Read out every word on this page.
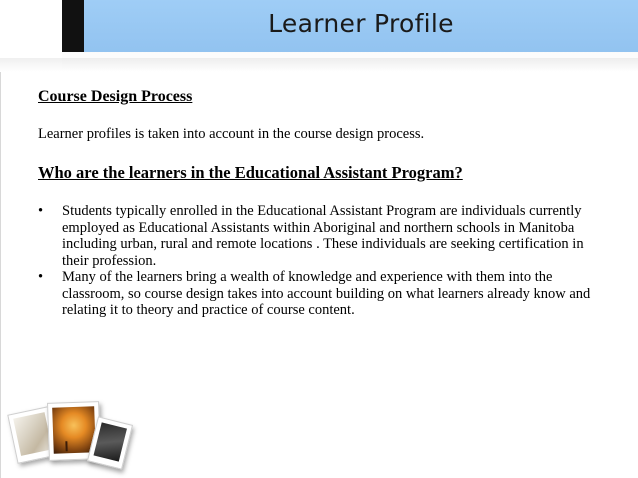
Learner Profile

Course Design Process

Learner profiles is taken into account in the course design process.

Who are the learners in the Educational Assistant Program?

• Students typically enrolled in the Educational Assistant Program are individuals currently employed as Educational Assistants within Aboriginal and northern schools in Manitoba including urban, rural and remote locations . These individuals are seeking certification in their profession.
• Many of the learners bring a wealth of knowledge and experience with them into the classroom, so course design takes into account building on what learners already know and relating it to theory and practice of course content.
